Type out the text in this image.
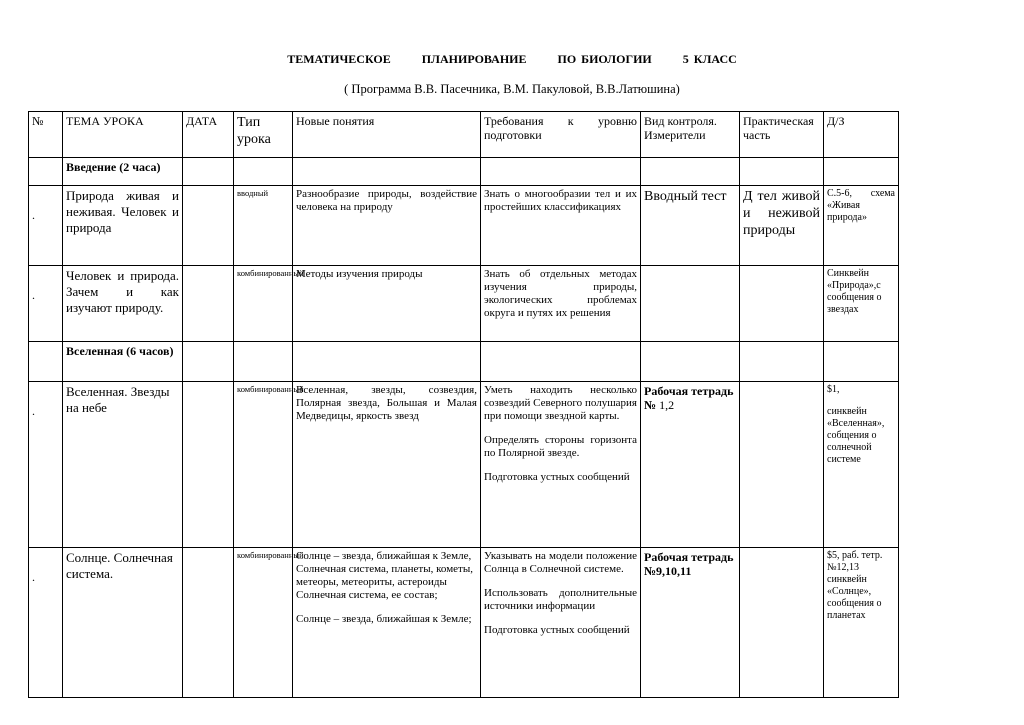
ТЕМАТИЧЕСКОЕ	ПЛАНИРОВАНИЕ	ПО БИОЛОГИИ	5 КЛАСС
( Программа В.В. Пасечника, В.М. Пакуловой, В.В.Латюшина)
№	ТЕМА УРОКА	ДАТА	Тип урока	Новые понятия	Требования к уровню подготовки	Вид контроля. Измерители	Практическая часть	Д/З
	Введение (2 часа)							
.	Природа живая и неживая. Человек и природа		вводный	Разнообразие природы, воздействие человека на природу	Знать о многообразии тел и их простейших классификациях	Вводный тест	Д тел живой и неживой природы	С.5-6, схема «Живая природа»
.	Человек и природа. Зачем и как изучают природу.		комбинированный	Методы изучения природы	Знать об отдельных методах изучения природы, экологических проблемах округа и путях их решения			Синквейн «Природа»,с сообщения о звездах
	Вселенная (6 часов)							
.	Вселенная. Звезды на небе		комбинированный	Вселенная, звезды, созвездия, Полярная звезда, Большая и Малая Медведицы, яркость звезд	Уметь находить несколько созвездий Северного полушария при помощи звездной карты.
Определять стороны горизонта по Полярной звезде.
Подготовка устных сообщений	Рабочая тетрадь № 1,2		$1,
синквейн «Вселенная», собщения о солнечной системе

.	Солнце. Солнечная система.		комбинированный	Солнце – звезда, ближайшая к Земле, Солнечная система, планеты, кометы, метеоры, метеориты, астероиды Солнечная система, ее состав;
Солнце – звезда, ближайшая к Земле;	Указывать на модели положение Солнца в Солнечной системе.
Использовать дополнительные источники информации
Подготовка устных сообщений	Рабочая тетрадь №9,10,11		$5, раб. тетр. №12,13 синквейн «Солнце», сообщения о планетах
